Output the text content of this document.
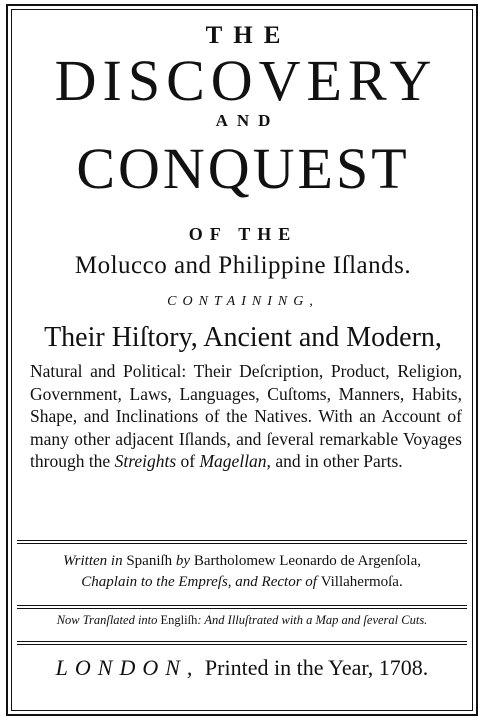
THE
DISCOVERY
AND
CONQUEST
OF THE
Molucco and Philippine Iſlands.
CONTAINING,
Their Hiſtory, Ancient and Modern,
Natural and Political: Their Deſcription, Product, Religion, Government, Laws, Languages, Cuſtoms, Manners, Habits, Shape, and Inclinations of the Natives. With an Account of many other adjacent Iſlands, and ſeveral remarkable Voyages through the Streights of Magellan, and in other Parts.
Written in Spaniſh by Bartholomew Leonardo de Argenſola,
Chaplain to the Empreſs, and Rector of Villahermoſa.
Now Tranſlated into Engliſh: And Illuſtrated with a Map and ſeveral Cuts.
LONDON, Printed in the Year, 1708.
